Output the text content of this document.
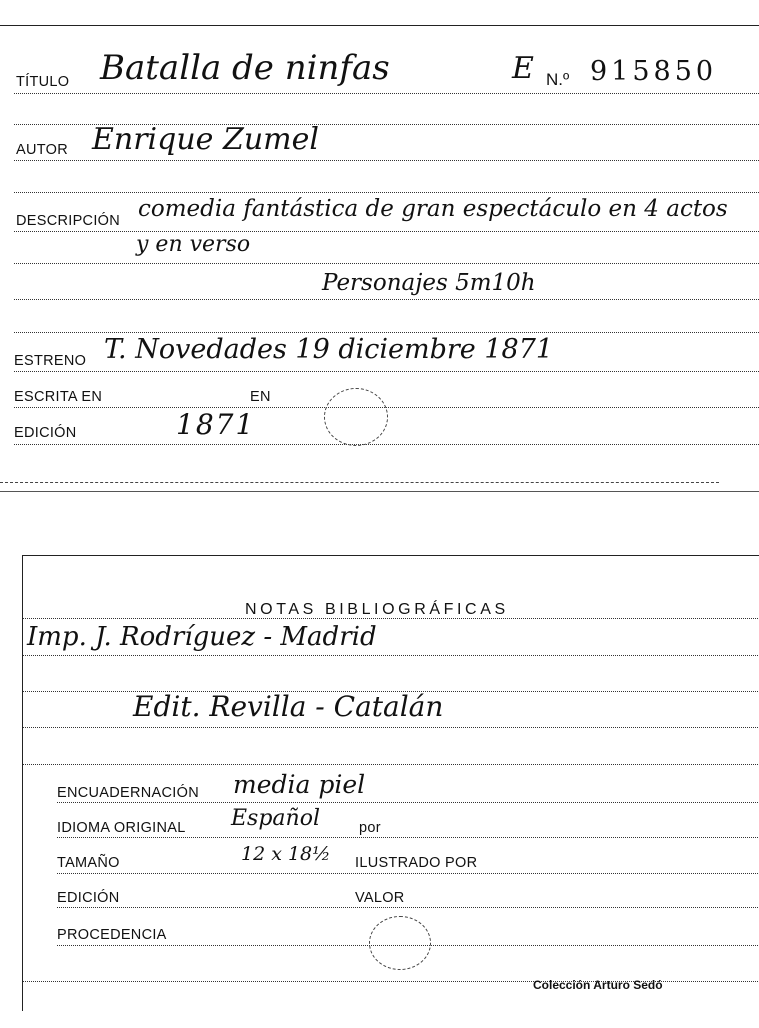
TÍTULO Batalla de ninfas	E N.º 915850
AUTOR Enrique Zumel
DESCRIPCIÓN comedia fantástica de gran espectáculo en 4 actos
y en verso
Personajes 5m10h
ESTRENO T. Novedades 19 diciembre 1871
ESCRITA EN	EN
EDICIÓN	1871
NOTAS BIBLIOGRÁFICAS
Imp. J. Rodríguez - Madrid
Edit. Revilla - Catalán
ENCUADERNACIÓN media piel
IDIOMA ORIGINAL Español	por
TAMAÑO	12 x 18½ ILUSTRADO POR
EDICIÓN	VALOR
PROCEDENCIA
Colección Arturo Sedó
